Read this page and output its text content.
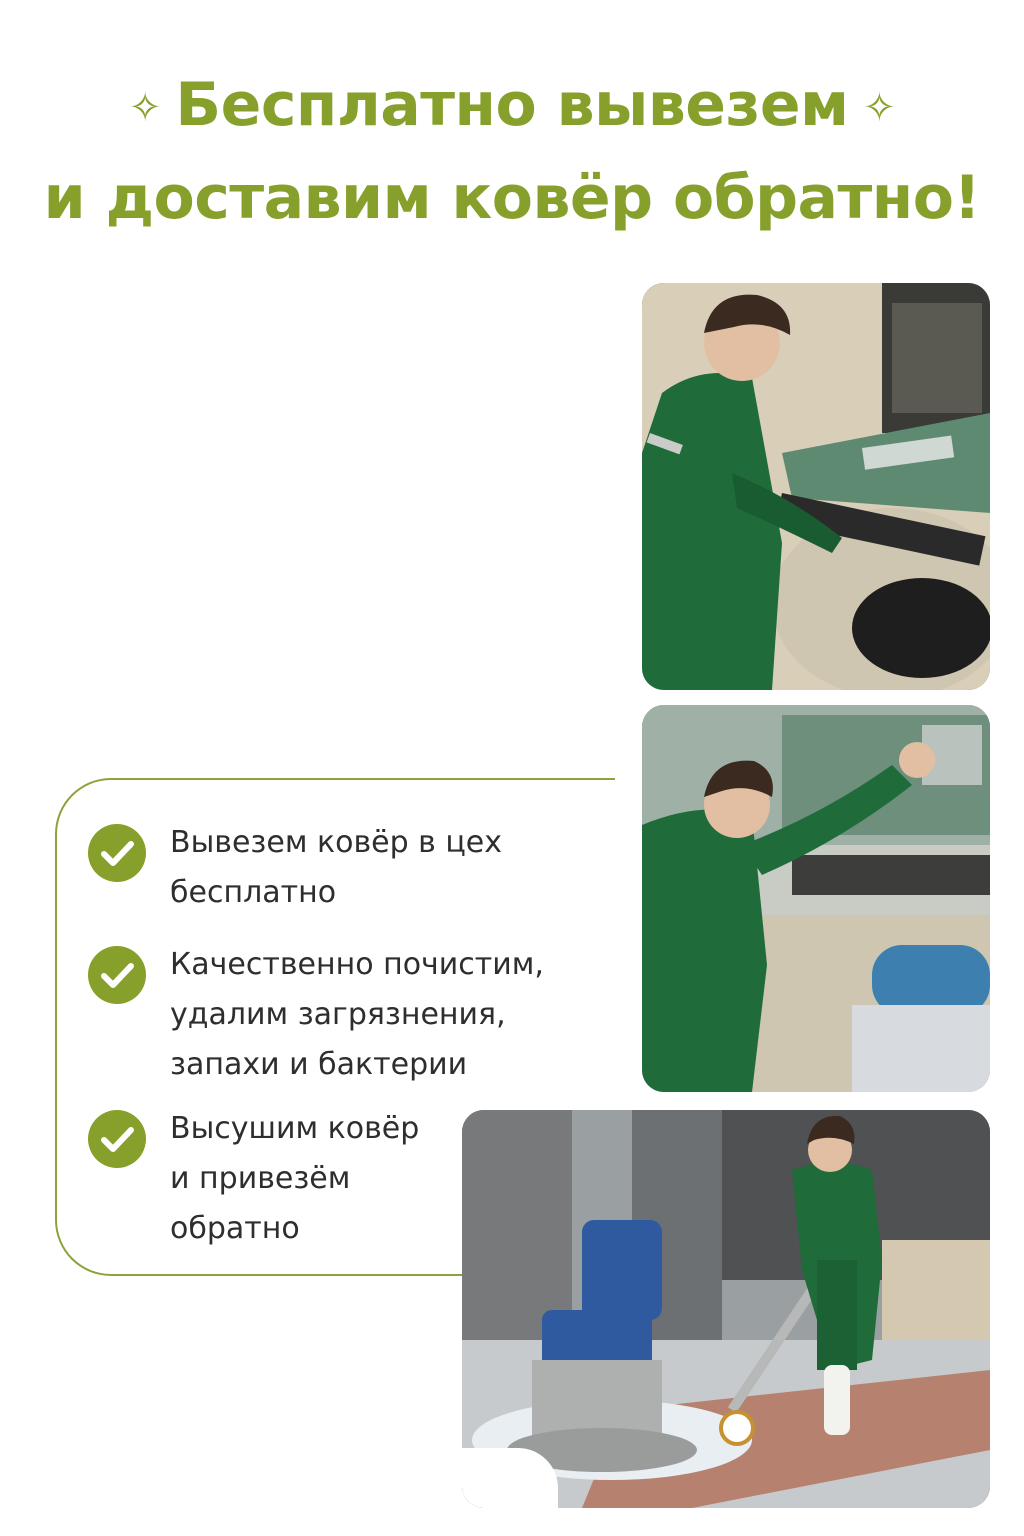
✧ Бесплатно вывезем ✧
и доставим ковёр обратно!
Вывезем ковёр в цех
бесплатно
Качественно почистим,
удалим загрязнения,
запахи и бактерии
Высушим ковёр
и привезём
обратно
